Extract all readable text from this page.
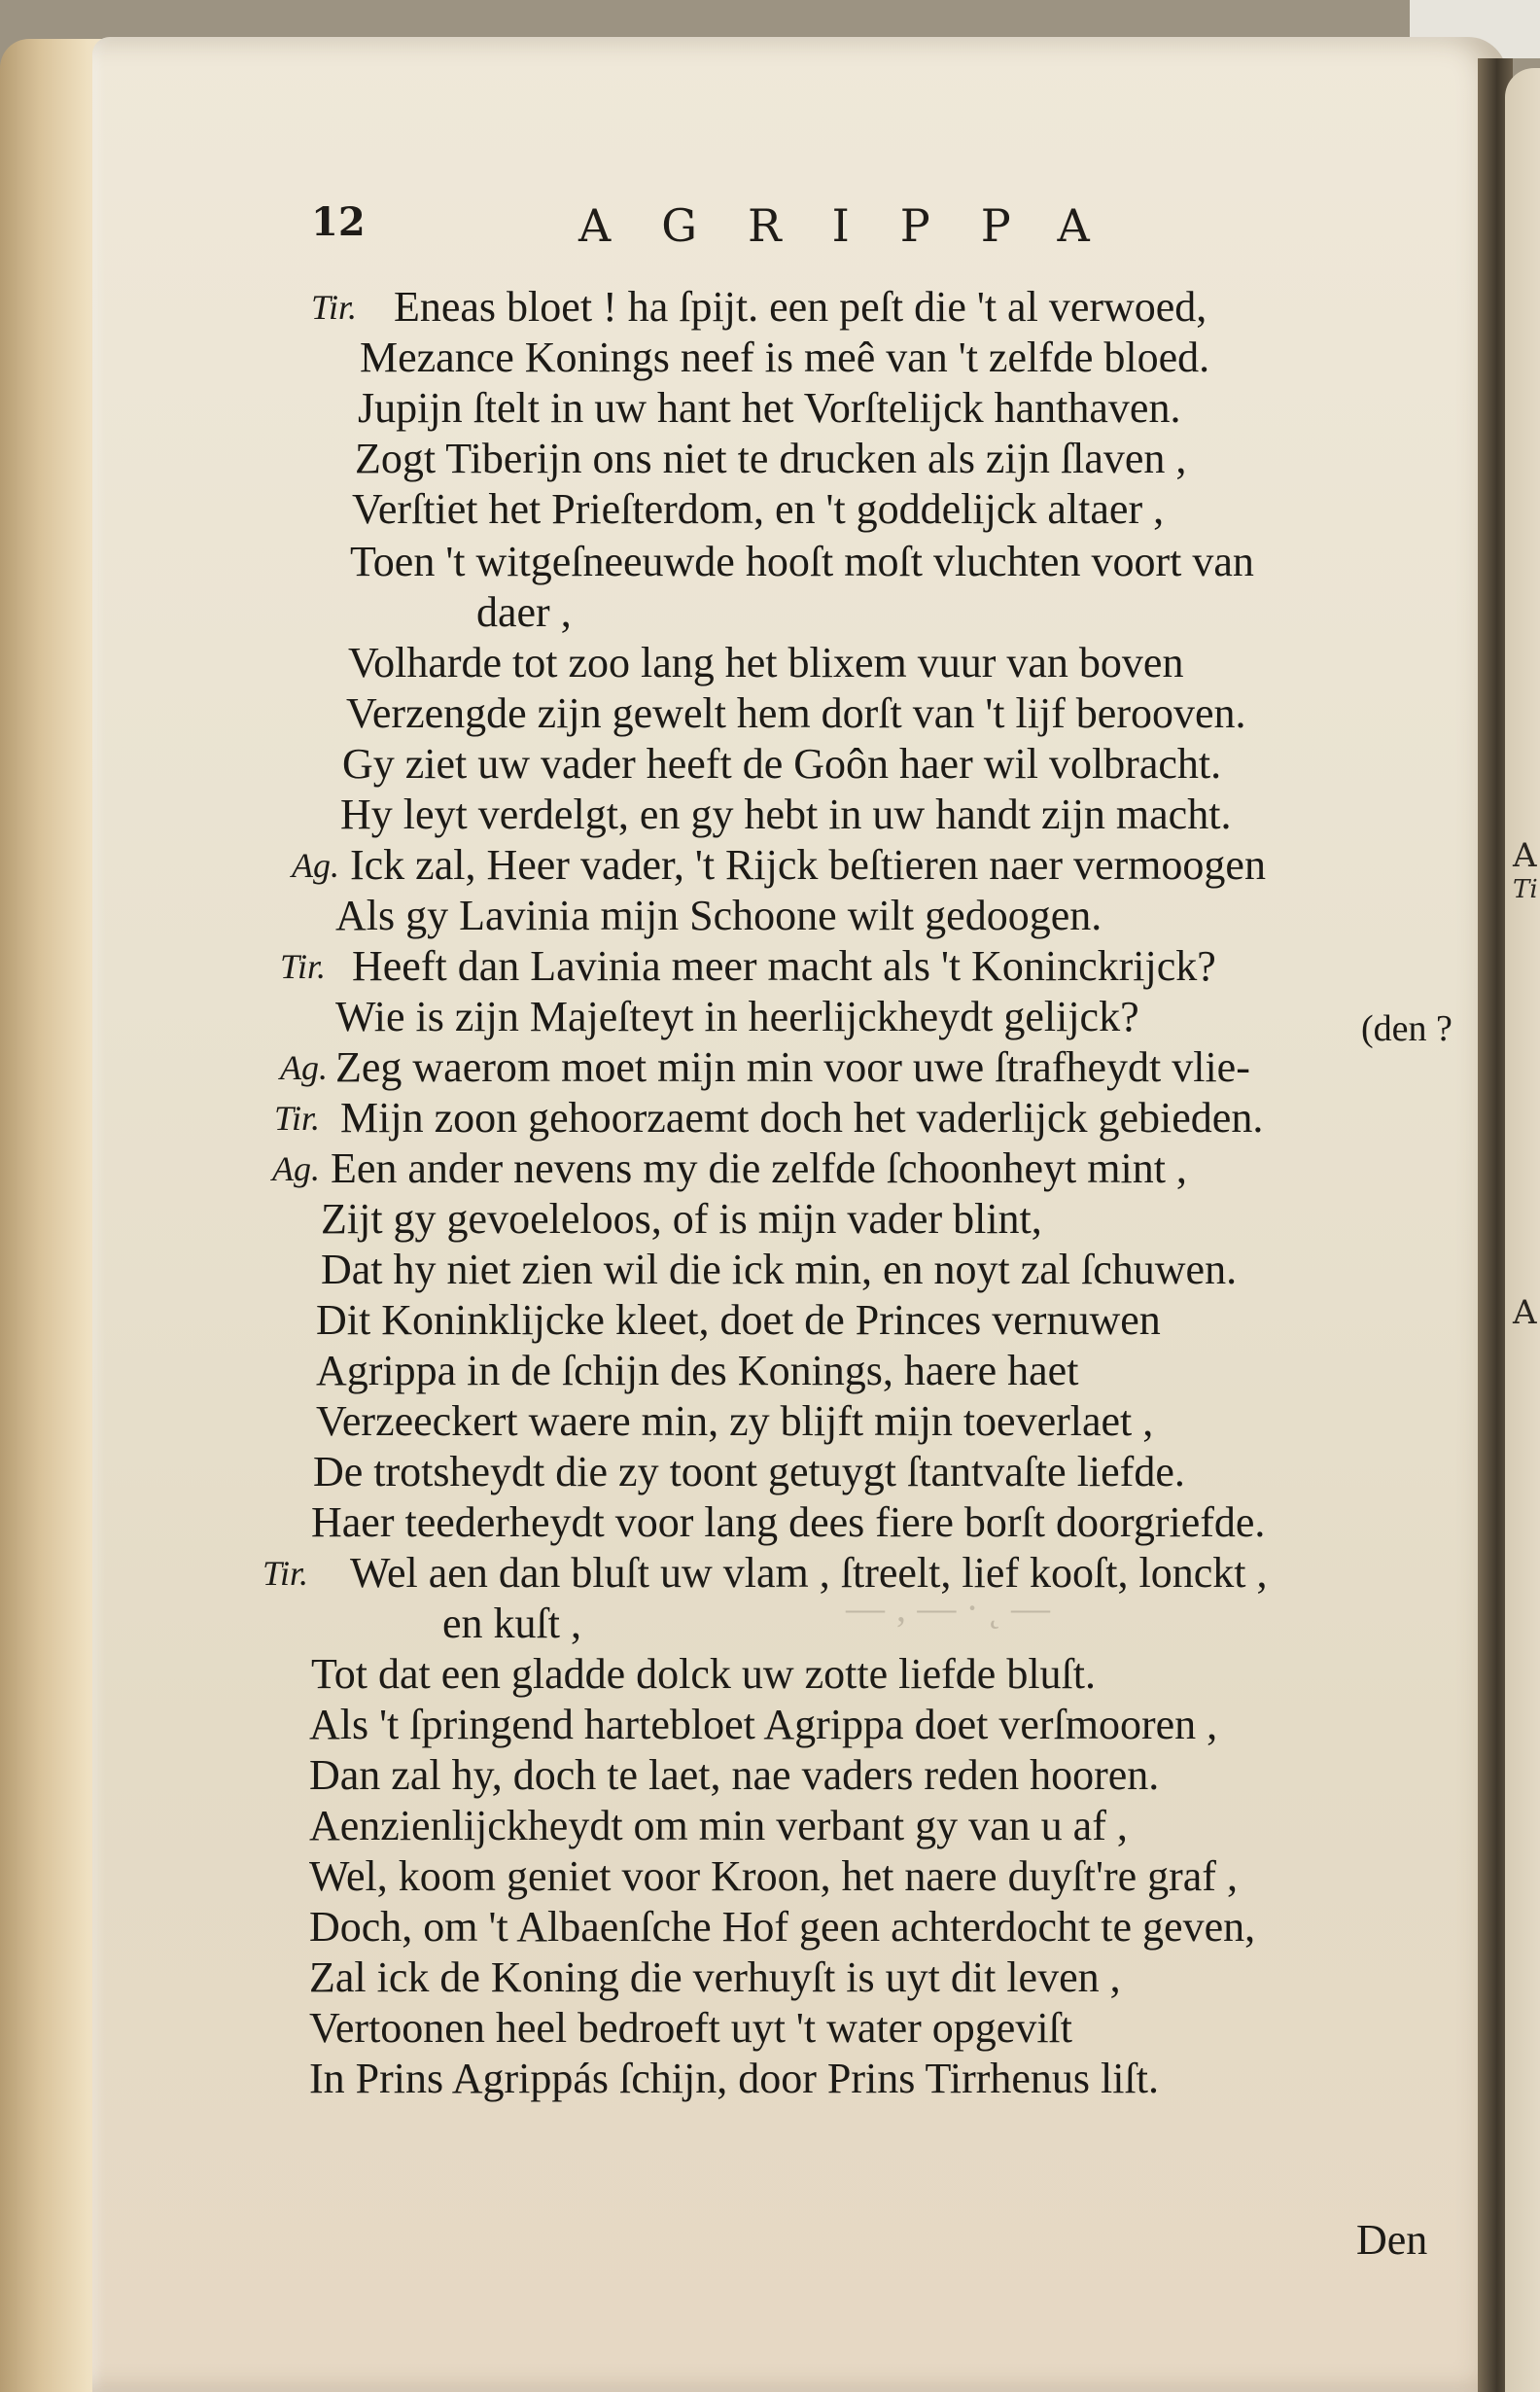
A
Ti
A
— ‚ — · ˛ —
12	AGRIPPA
Tir. Eneas bloet ! ha ſpijt. een peſt die 't al verwoed,
Mezance Konings neef is meê van 't zelfde bloed.
Jupijn ſtelt in uw hant het Vorſtelijck hanthaven.
Zogt Tiberijn ons niet te drucken als zijn ſlaven ,
Verſtiet het Prieſterdom, en 't goddelijck altaer ,
Toen 't witgeſneeuwde hooſt moſt vluchten voort van
daer ,
Volharde tot zoo lang het blixem vuur van boven
Verzengde zijn gewelt hem dorſt van 't lijf berooven.
Gy ziet uw vader heeft de Goôn haer wil volbracht.
Hy leyt verdelgt, en gy hebt in uw handt zijn macht.
Ag. Ick zal, Heer vader, 't Rijck beſtieren naer vermoogen
Als gy Lavinia mijn Schoone wilt gedoogen.
Tir. Heeft dan Lavinia meer macht als 't Koninckrijck?
Wie is zijn Majeſteyt in heerlijckheydt gelijck?	(den ?
Ag. Zeg waerom moet mijn min voor uwe ſtrafheydt vlie-
Tir. Mijn zoon gehoorzaemt doch het vaderlijck gebieden.
Ag. Een ander nevens my die zelfde ſchoonheyt mint ,
Zijt gy gevoeleloos, of is mijn vader blint,
Dat hy niet zien wil die ick min, en noyt zal ſchuwen.
Dit Koninklijcke kleet, doet de Princes vernuwen
Agrippa in de ſchijn des Konings, haere haet
Verzeeckert waere min, zy blijft mijn toeverlaet ,
De trotsheydt die zy toont getuygt ſtantvaſte liefde.
Haer teederheydt voor lang dees fiere borſt doorgriefde.
Tir. Wel aen dan bluſt uw vlam , ſtreelt, lief kooſt, lonckt ,
en kuſt ,
Tot dat een gladde dolck uw zotte liefde bluſt.
Als 't ſpringend hartebloet Agrippa doet verſmooren ,
Dan zal hy, doch te laet, nae vaders reden hooren.
Aenzienlijckheydt om min verbant gy van u af ,
Wel, koom geniet voor Kroon, het naere duyſt're graf ,
Doch, om 't Albaenſche Hof geen achterdocht te geven,
Zal ick de Koning die verhuyſt is uyt dit leven ,
Vertoonen heel bedroeft uyt 't water opgeviſt
In Prins Agrippás ſchijn, door Prins Tirrhenus liſt.
Den
